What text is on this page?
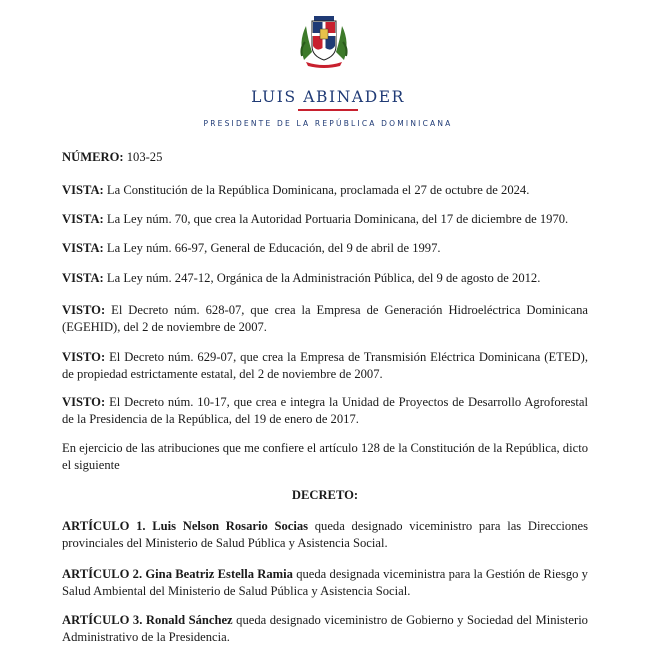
LUIS ABINADER
PRESIDENTE DE LA REPÚBLICA DOMINICANA

NÚMERO: 103-25

VISTA: La Constitución de la República Dominicana, proclamada el 27 de octubre de 2024.

VISTA: La Ley núm. 70, que crea la Autoridad Portuaria Dominicana, del 17 de diciembre de 1970.

VISTA: La Ley núm. 66-97, General de Educación, del 9 de abril de 1997.

VISTA: La Ley núm. 247-12, Orgánica de la Administración Pública, del 9 de agosto de 2012.

VISTO: El Decreto núm. 628-07, que crea la Empresa de Generación Hidroeléctrica Dominicana (EGEHID), del 2 de noviembre de 2007.

VISTO: El Decreto núm. 629-07, que crea la Empresa de Transmisión Eléctrica Dominicana (ETED), de propiedad estrictamente estatal, del 2 de noviembre de 2007.

VISTO: El Decreto núm. 10-17, que crea e integra la Unidad de Proyectos de Desarrollo Agroforestal de la Presidencia de la República, del 19 de enero de 2017.

En ejercicio de las atribuciones que me confiere el artículo 128 de la Constitución de la República, dicto el siguiente

DECRETO:

ARTÍCULO 1. Luis Nelson Rosario Socias queda designado viceministro para las Direcciones provinciales del Ministerio de Salud Pública y Asistencia Social.

ARTÍCULO 2. Gina Beatriz Estella Ramia queda designada viceministra para la Gestión de Riesgo y Salud Ambiental del Ministerio de Salud Pública y Asistencia Social.

ARTÍCULO 3. Ronald Sánchez queda designado viceministro de Gobierno y Sociedad del Ministerio Administrativo de la Presidencia.
